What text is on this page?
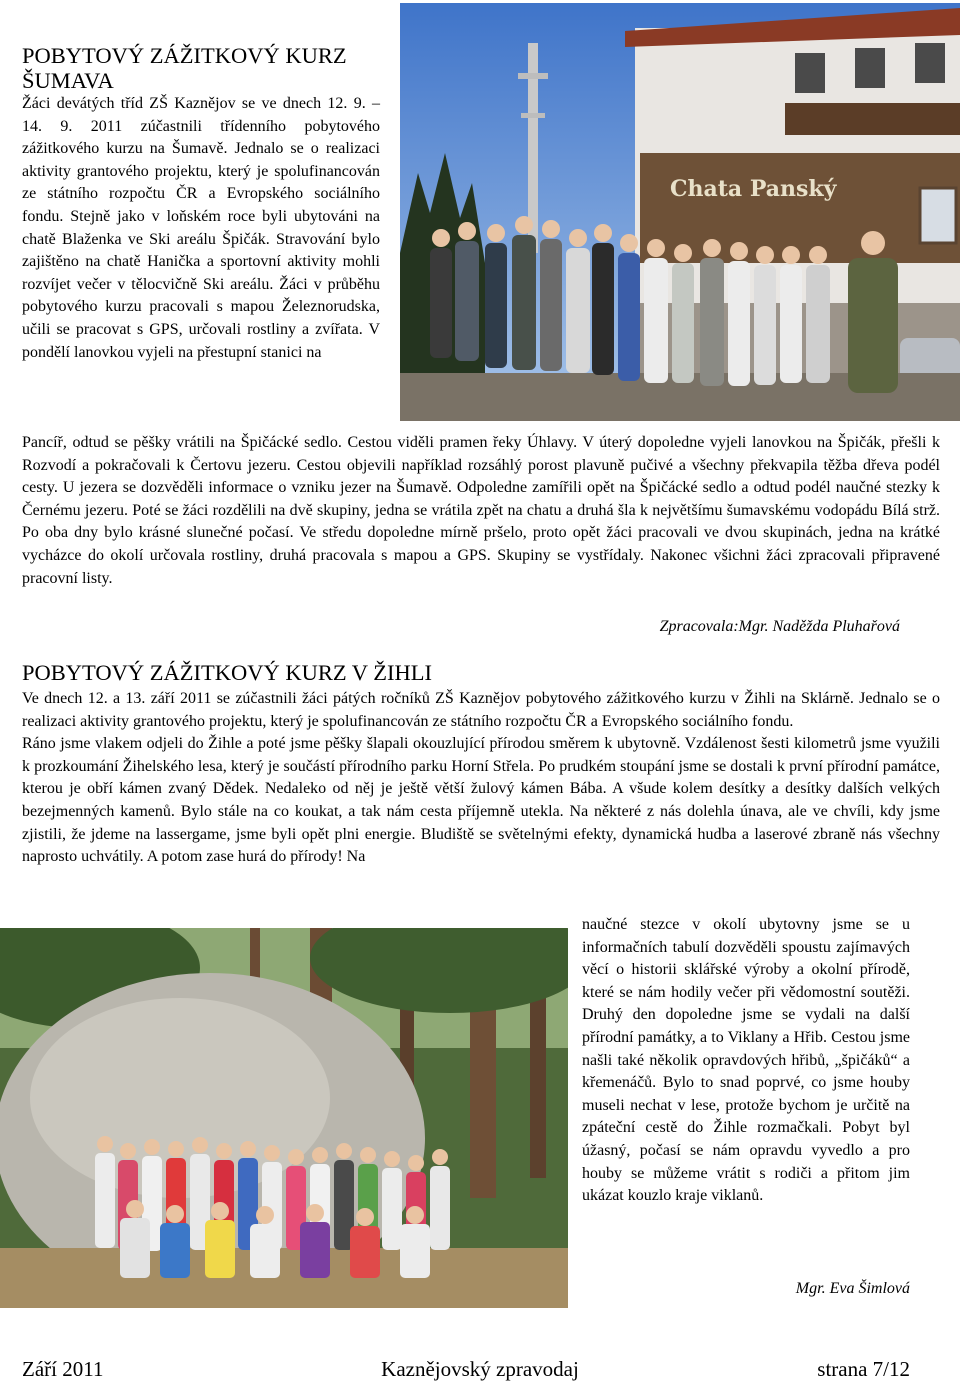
POBYTOVÝ ZÁŽITKOVÝ KURZ
ŠUMAVA

Žáci devátých tříd ZŠ Kaznějov se ve dnech 12. 9. – 14. 9. 2011 zúčastnili třídenního pobytového zážitkového kurzu na Šumavě. Jednalo se o realizaci aktivity grantového projektu, který je spolufinancován ze státního rozpočtu ČR a Evropského sociálního fondu. Stejně jako v loňském roce byli ubytováni na chatě Blaženka ve Ski areálu Špičák. Stravování bylo zajištěno na chatě Hanička a sportovní aktivity mohli rozvíjet večer v tělocvičně Ski areálu. Žáci v průběhu pobytového kurzu pracovali s mapou Železnorudska, učili se pracovat s GPS, určovali rostliny a zvířata. V pondělí lanovkou vyjeli na přestupní stanici na

Chata Panský

Pancíř, odtud se pěšky vrátili na Špičácké sedlo. Cestou viděli pramen řeky Úhlavy. V úterý dopoledne vyjeli lanovkou na Špičák, přešli k Rozvodí a pokračovali k Čertovu jezeru. Cestou objevili například rozsáhlý porost plavuně pučivé a všechny překvapila těžba dřeva podél cesty. U jezera se dozvěděli informace o vzniku jezer na Šumavě. Odpoledne zamířili opět na Špičácké sedlo a odtud podél naučné stezky k Černému jezeru. Poté se žáci rozdělili na dvě skupiny, jedna se vrátila zpět na chatu a druhá šla k největšímu šumavskému vodopádu Bílá strž. Po oba dny bylo krásné slunečné počasí. Ve středu dopoledne mírně pršelo, proto opět žáci pracovali ve dvou skupinách, jedna na krátké vycházce do okolí určovala rostliny, druhá pracovala s mapou a GPS. Skupiny se vystřídaly. Nakonec všichni žáci zpracovali připravené pracovní listy.

Zpracovala:Mgr. Naděžda Pluhařová
POBYTOVÝ ZÁŽITKOVÝ KURZ V ŽIHLI

Ve dnech 12. a 13. září 2011 se zúčastnili žáci pátých ročníků ZŠ Kaznějov pobytového zážitkového kurzu v Žihli na Sklárně. Jednalo se o realizaci aktivity grantového projektu, který je spolufinancován ze státního rozpočtu ČR a Evropského sociálního fondu.

Ráno jsme vlakem odjeli do Žihle a poté jsme pěšky šlapali okouzlující přírodou směrem k ubytovně. Vzdálenost šesti kilometrů jsme využili k prozkoumání Žihelského lesa, který je součástí přírodního parku Horní Střela. Po prudkém stoupání jsme se dostali k první přírodní památce, kterou je obří kámen zvaný Dědek. Nedaleko od něj je ještě větší žulový kámen Bába. A všude kolem desítky a desítky dalších velkých bezejmenných kamenů. Bylo stále na co koukat, a tak nám cesta příjemně utekla. Na některé z nás dolehla únava, ale ve chvíli, kdy jsme zjistili, že jdeme na lassergame, jsme byli opět plni energie. Bludiště se světelnými efekty, dynamická hudba a laserové zbraně nás všechny naprosto uchvátily. A potom zase hurá do přírody! Na

naučné stezce v okolí ubytovny jsme se u informačních tabulí dozvěděli spoustu zajímavých věcí o historii sklářské výroby a okolní přírodě, které se nám hodily večer při vědomostní soutěži. Druhý den dopoledne jsme se vydali na další přírodní památky, a to Viklany a Hřib. Cestou jsme našli také několik opravdových hřibů, „špičáků“ a křemenáčů. Bylo to snad poprvé, co jsme houby museli nechat v lese, protože bychom je určitě na zpáteční cestě do Žihle rozmačkali. Pobyt byl úžasný, počasí se nám opravdu vyvedlo a pro houby se můžeme vrátit s rodiči a přitom jim ukázat kouzlo kraje viklanů.

Mgr. Eva Šimlová
Září 2011	Kaznějovský zpravodaj	strana 7/12
